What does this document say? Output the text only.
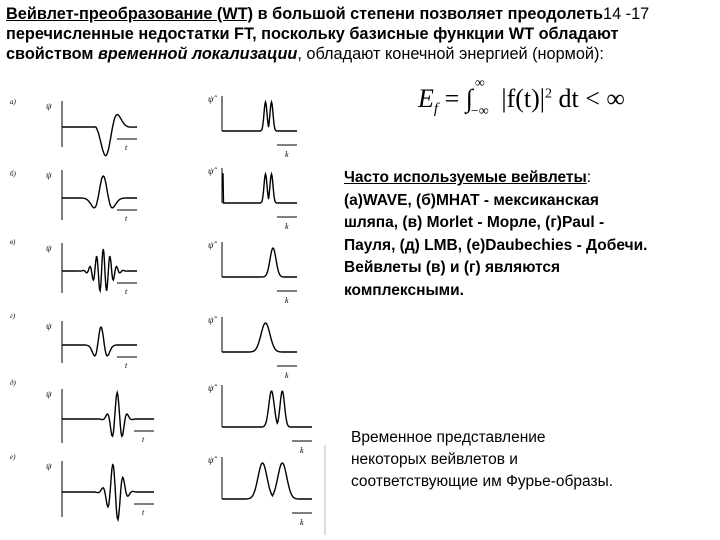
Вейвлет-преобразование (WT) в большой степени позволяет преодолеть14 -17
перечисленные недостатки FT, поскольку базисные функции WT обладают
свойством временной локализации, обладают конечной энергией (нормой):
$E_f$ = ∫
∞
−∞ $|f(t)|^2$ dt < ∞
Часто используемые вейвлеты:
(а)WAVE, (б)MHAT - мексиканская
шляпа, (в) Morlet - Морле, (г)Paul -
Пауля, (д) LMB, (е)Daubechies - Добечи.
Вейвлеты (в) и (г) являются
комплексными.
Временное представление
некоторых вейвлетов и
соответствующие им Фурье-образы.
а)	ψ
t
ψ̂
k
б)	ψ
t
ψ̂
k
в)
ψ
t
ψ̂
k
г)
ψ
t
ψ̂
k
д)
ψ
t
ψ̂
k
е)
ψ
t
ψ̂
k
